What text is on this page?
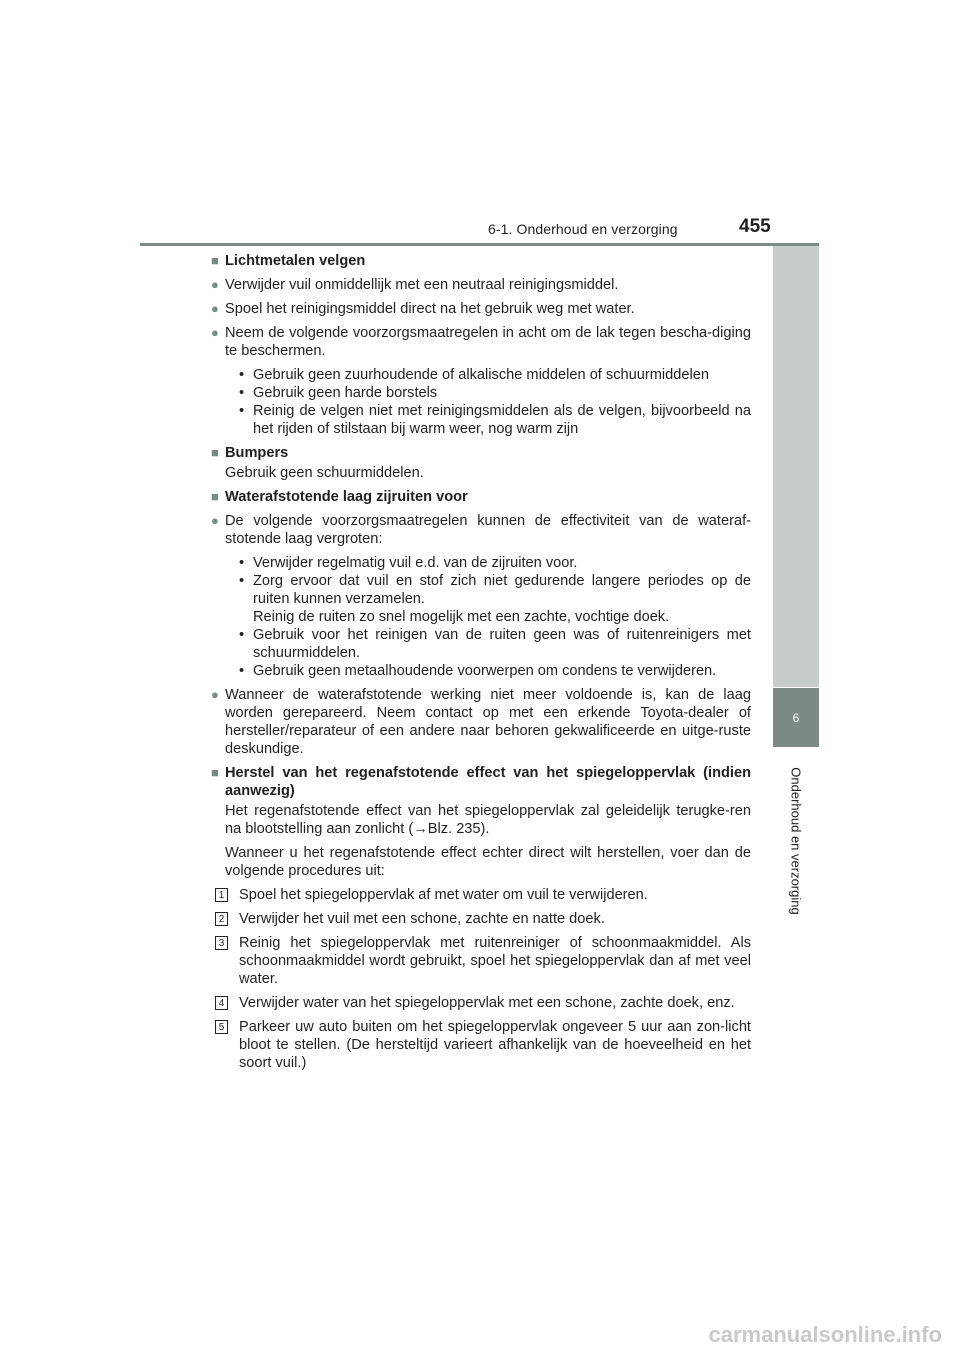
6-1. Onderhoud en verzorging	455
6
Onderhoud en verzorging
■ Lichtmetalen velgen
● Verwijder vuil onmiddellijk met een neutraal reinigingsmiddel.
● Spoel het reinigingsmiddel direct na het gebruik weg met water.
● Neem de volgende voorzorgsmaatregelen in acht om de lak tegen bescha-diging te beschermen.
• Gebruik geen zuurhoudende of alkalische middelen of schuurmiddelen
• Gebruik geen harde borstels
• Reinig de velgen niet met reinigingsmiddelen als de velgen, bijvoorbeeld na het rijden of stilstaan bij warm weer, nog warm zijn
■ Bumpers
Gebruik geen schuurmiddelen.
■ Waterafstotende laag zijruiten voor
● De volgende voorzorgsmaatregelen kunnen de effectiviteit van de wateraf-stotende laag vergroten:
• Verwijder regelmatig vuil e.d. van de zijruiten voor.
• Zorg ervoor dat vuil en stof zich niet gedurende langere periodes op de ruiten kunnen verzamelen.
Reinig de ruiten zo snel mogelijk met een zachte, vochtige doek.
• Gebruik voor het reinigen van de ruiten geen was of ruitenreinigers met schuurmiddelen.
• Gebruik geen metaalhoudende voorwerpen om condens te verwijderen.
● Wanneer de waterafstotende werking niet meer voldoende is, kan de laag worden gerepareerd. Neem contact op met een erkende Toyota-dealer of hersteller/reparateur of een andere naar behoren gekwalificeerde en uitge-ruste deskundige.
■ Herstel van het regenafstotende effect van het spiegeloppervlak (indien aanwezig)
Het regenafstotende effect van het spiegeloppervlak zal geleidelijk terugke-ren na blootstelling aan zonlicht (→Blz. 235).
Wanneer u het regenafstotende effect echter direct wilt herstellen, voer dan de volgende procedures uit:
1 Spoel het spiegeloppervlak af met water om vuil te verwijderen.
2 Verwijder het vuil met een schone, zachte en natte doek.
3 Reinig het spiegeloppervlak met ruitenreiniger of schoonmaakmiddel. Als schoonmaakmiddel wordt gebruikt, spoel het spiegeloppervlak dan af met veel water.
4 Verwijder water van het spiegeloppervlak met een schone, zachte doek, enz.
5 Parkeer uw auto buiten om het spiegeloppervlak ongeveer 5 uur aan zon-licht bloot te stellen. (De hersteltijd varieert afhankelijk van de hoeveelheid en het soort vuil.)
carmanualsonline.info
